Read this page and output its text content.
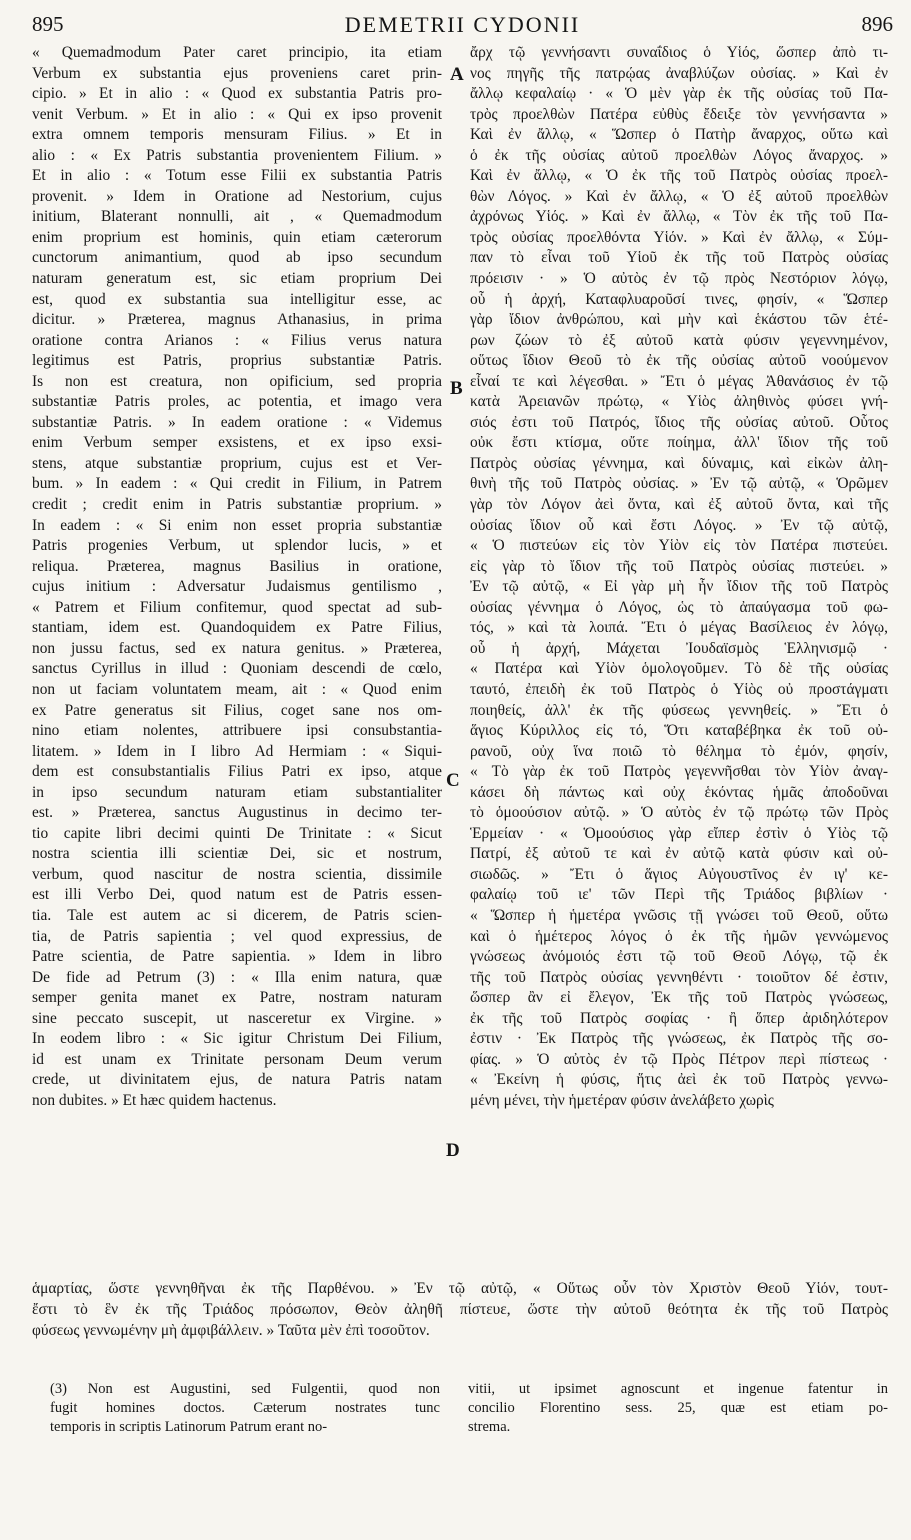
895	DEMETRII CYDONII	896
« Quemadmodum Pater caret principio, ita etiam
Verbum ex substantia ejus proveniens caret prin-
cipio. » Et in alio : « Quod ex substantia Patris pro-
venit Verbum. » Et in alio : « Qui ex ipso provenit
extra omnem temporis mensuram Filius. » Et in
alio : « Ex Patris substantia provenientem Filium. »
Et in alio : « Totum esse Filii ex substantia Patris
provenit. » Idem in Oratione ad Nestorium, cujus
initium, Blaterant nonnulli, ait , « Quemadmodum
enim proprium est hominis, quin etiam cæterorum
cunctorum animantium, quod ab ipso secundum
naturam generatum est, sic etiam proprium Dei
est, quod ex substantia sua intelligitur esse, ac
dicitur. » Præterea, magnus Athanasius, in prima
oratione contra Arianos : « Filius verus natura
legitimus est Patris, proprius substantiæ Patris.
Is non est creatura, non opificium, sed propria
substantiæ Patris proles, ac potentia, et imago vera
substantiæ Patris. » In eadem oratione : « Videmus
enim Verbum semper exsistens, et ex ipso exsi-
stens, atque substantiæ proprium, cujus est et Ver-
bum. » In eadem : « Qui credit in Filium, in Patrem
credit ; credit enim in Patris substantiæ proprium. »
In eadem : « Si enim non esset propria substantiæ
Patris progenies Verbum, ut splendor lucis, » et
reliqua. Præterea, magnus Basilius in oratione,
cujus initium : Adversatur Judaismus gentilismo ,
« Patrem et Filium confitemur, quod spectat ad sub-
stantiam, idem est. Quandoquidem ex Patre Filius,
non jussu factus, sed ex natura genitus. » Præterea,
sanctus Cyrillus in illud : Quoniam descendi de cœlo,
non ut faciam voluntatem meam, ait : « Quod enim
ex Patre generatus sit Filius, coget sane nos om-
nino etiam nolentes, attribuere ipsi consubstantia-
litatem. » Idem in I libro Ad Hermiam : « Siqui-
dem est consubstantialis Filius Patri ex ipso, atque
in ipso secundum naturam etiam substantialiter
est. » Præterea, sanctus Augustinus in decimo ter-
tio capite libri decimi quinti De Trinitate : « Sicut
nostra scientia illi scientiæ Dei, sic et nostrum,
verbum, quod nascitur de nostra scientia, dissimile
est illi Verbo Dei, quod natum est de Patris essen-
tia. Tale est autem ac si dicerem, de Patris scien-
tia, de Patris sapientia ; vel quod expressius, de
Patre scientia, de Patre sapientia. » Idem in libro
De fide ad Petrum (3) : « Illa enim natura, quæ
semper genita manet ex Patre, nostram naturam
sine peccato suscepit, ut nasceretur ex Virgine. »
In eodem libro : « Sic igitur Christum Dei Filium,
id est unam ex Trinitate personam Deum verum
crede, ut divinitatem ejus, de natura Patris natam
non dubites. » Et hæc quidem hactenus.
ἄρχ τῷ γεννήσαντι συναΐδιος ὁ Υἱός, ὥσπερ ἀπὸ τι-
νος πηγῆς τῆς πατρῴας ἀναβλύζων οὐσίας. » Καὶ ἐν
ἄλλῳ κεφαλαίῳ · « Ὁ μὲν γὰρ ἐκ τῆς οὐσίας τοῦ Πα-
τρὸς προελθὼν Πατέρα εὐθὺς ἔδειξε τὸν γεννήσαντα »
Καὶ ἐν ἄλλῳ, « Ὥσπερ ὁ Πατὴρ ἄναρχος, οὕτω καὶ
ὁ ἐκ τῆς οὐσίας αὐτοῦ προελθὼν Λόγος ἄναρχος. »
Καὶ ἐν ἄλλῳ, « Ὁ ἐκ τῆς τοῦ Πατρὸς οὐσίας προελ-
θὼν Λόγος. » Καὶ ἐν ἄλλῳ, « Ὁ ἐξ αὐτοῦ προελθὼν
ἀχρόνως Υἱός. » Καὶ ἐν ἄλλῳ, « Τὸν ἐκ τῆς τοῦ Πα-
τρὸς οὐσίας προελθόντα Υἱόν. » Καὶ ἐν ἄλλῳ, « Σύμ-
παν τὸ εἶναι τοῦ Υἱοῦ ἐκ τῆς τοῦ Πατρὸς οὐσίας
πρόεισιν · » Ὁ αὐτὸς ἐν τῷ πρὸς Νεστόριον λόγῳ,
οὗ ἡ ἀρχή, Καταφλυαροῦσί τινες, φησίν, « Ὥσπερ
γὰρ ἴδιον ἀνθρώπου, καὶ μὴν καὶ ἑκάστου τῶν ἑτέ-
ρων ζώων τὸ ἐξ αὐτοῦ κατὰ φύσιν γεγεννημένον,
οὕτως ἴδιον Θεοῦ τὸ ἐκ τῆς οὐσίας αὐτοῦ νοούμενον
εἶναί τε καὶ λέγεσθαι. » Ἔτι ὁ μέγας Ἀθανάσιος ἐν τῷ
κατὰ Ἀρειανῶν πρώτῳ, « Υἱὸς ἀληθινὸς φύσει γνή-
σιός ἐστι τοῦ Πατρός, ἴδιος τῆς οὐσίας αὐτοῦ. Οὗτος
οὐκ ἔστι κτίσμα, οὔτε ποίημα, ἀλλ' ἴδιον τῆς τοῦ
Πατρὸς οὐσίας γέννημα, καὶ δύναμις, καὶ εἰκὼν ἀλη-
θινὴ τῆς τοῦ Πατρὸς οὐσίας. » Ἐν τῷ αὐτῷ, « Ὁρῶμεν
γὰρ τὸν Λόγον ἀεὶ ὄντα, καὶ ἐξ αὐτοῦ ὄντα, καὶ τῆς
οὐσίας ἴδιον οὗ καὶ ἔστι Λόγος. » Ἐν τῷ αὐτῷ,
« Ὁ πιστεύων εἰς τὸν Υἱὸν εἰς τὸν Πατέρα πιστεύει.
εἰς γὰρ τὸ ἴδιον τῆς τοῦ Πατρὸς οὐσίας πιστεύει. »
Ἐν τῷ αὐτῷ, « Εἰ γὰρ μὴ ἦν ἴδιον τῆς τοῦ Πατρὸς
οὐσίας γέννημα ὁ Λόγος, ὡς τὸ ἀπαύγασμα τοῦ φω-
τός, » καὶ τὰ λοιπά. Ἔτι ὁ μέγας Βασίλειος ἐν λόγῳ,
οὗ ἡ ἀρχή, Μάχεται Ἰουδαϊσμὸς Ἑλληνισμῷ ·
« Πατέρα καὶ Υἱὸν ὁμολογοῦμεν. Τὸ δὲ τῆς οὐσίας
ταυτό, ἐπειδὴ ἐκ τοῦ Πατρὸς ὁ Υἱὸς οὐ προστάγματι
ποιηθείς, ἀλλ' ἐκ τῆς φύσεως γεννηθείς. » Ἔτι ὁ
ἅγιος Κύριλλος εἰς τό, Ὅτι καταβέβηκα ἐκ τοῦ οὐ-
ρανοῦ, οὐχ ἵνα ποιῶ τὸ θέλημα τὸ ἐμόν, φησίν,
« Τὸ γὰρ ἐκ τοῦ Πατρὸς γεγεννῆσθαι τὸν Υἱὸν ἀναγ-
κάσει δὴ πάντως καὶ οὐχ ἑκόντας ἡμᾶς ἀποδοῦναι
τὸ ὁμοούσιον αὐτῷ. » Ὁ αὐτὸς ἐν τῷ πρώτῳ τῶν Πρὸς
Ἑρμείαν · « Ὁμοούσιος γὰρ εἴπερ ἐστὶν ὁ Υἱὸς τῷ
Πατρί, ἐξ αὐτοῦ τε καὶ ἐν αὐτῷ κατὰ φύσιν καὶ οὐ-
σιωδῶς. » Ἔτι ὁ ἅγιος Αὐγουστῖνος ἐν ιγ' κε-
φαλαίῳ τοῦ ιε' τῶν Περὶ τῆς Τριάδος βιβλίων ·
« Ὥσπερ ἡ ἡμετέρα γνῶσις τῇ γνώσει τοῦ Θεοῦ, οὕτω
καὶ ὁ ἡμέτερος λόγος ὁ ἐκ τῆς ἡμῶν γεννώμενος
γνώσεως ἀνόμοιός ἐστι τῷ τοῦ Θεοῦ Λόγῳ, τῷ ἐκ
τῆς τοῦ Πατρὸς οὐσίας γεννηθέντι · τοιοῦτον δέ ἐστιν,
ὥσπερ ἂν εἰ ἔλεγον, Ἐκ τῆς τοῦ Πατρὸς γνώσεως,
ἐκ τῆς τοῦ Πατρὸς σοφίας · ἢ ὅπερ ἀριδηλότερον
ἐστιν · Ἐκ Πατρὸς τῆς γνώσεως, ἐκ Πατρὸς τῆς σο-
φίας. » Ὁ αὐτὸς ἐν τῷ Πρὸς Πέτρον περὶ πίστεως ·
« Ἐκείνη ἡ φύσις, ἥτις ἀεὶ ἐκ τοῦ Πατρὸς γεννω-
μένη μένει, τὴν ἡμετέραν φύσιν ἀνελάβετο χωρὶς
A
B
C
D
ἁμαρτίας, ὥστε γεννηθῆναι ἐκ τῆς Παρθένου. » Ἐν τῷ αὐτῷ, « Οὕτως οὖν τὸν Χριστὸν Θεοῦ Υἱόν, τουτ-
ἔστι τὸ ἓν ἐκ τῆς Τριάδος πρόσωπον, Θεὸν ἀληθῆ πίστευε, ὥστε τὴν αὐτοῦ θεότητα ἐκ τῆς τοῦ Πατρὸς
φύσεως γεννωμένην μὴ ἀμφιβάλλειν. » Ταῦτα μὲν ἐπὶ τοσοῦτον.
(3) Non est Augustini, sed Fulgentii, quod non
fugit homines doctos. Cæterum nostrates tunc
temporis in scriptis Latinorum Patrum erant no-
vitii, ut ipsimet agnoscunt et ingenue fatentur in
concilio Florentino sess. 25, quæ est etiam po-
strema.
